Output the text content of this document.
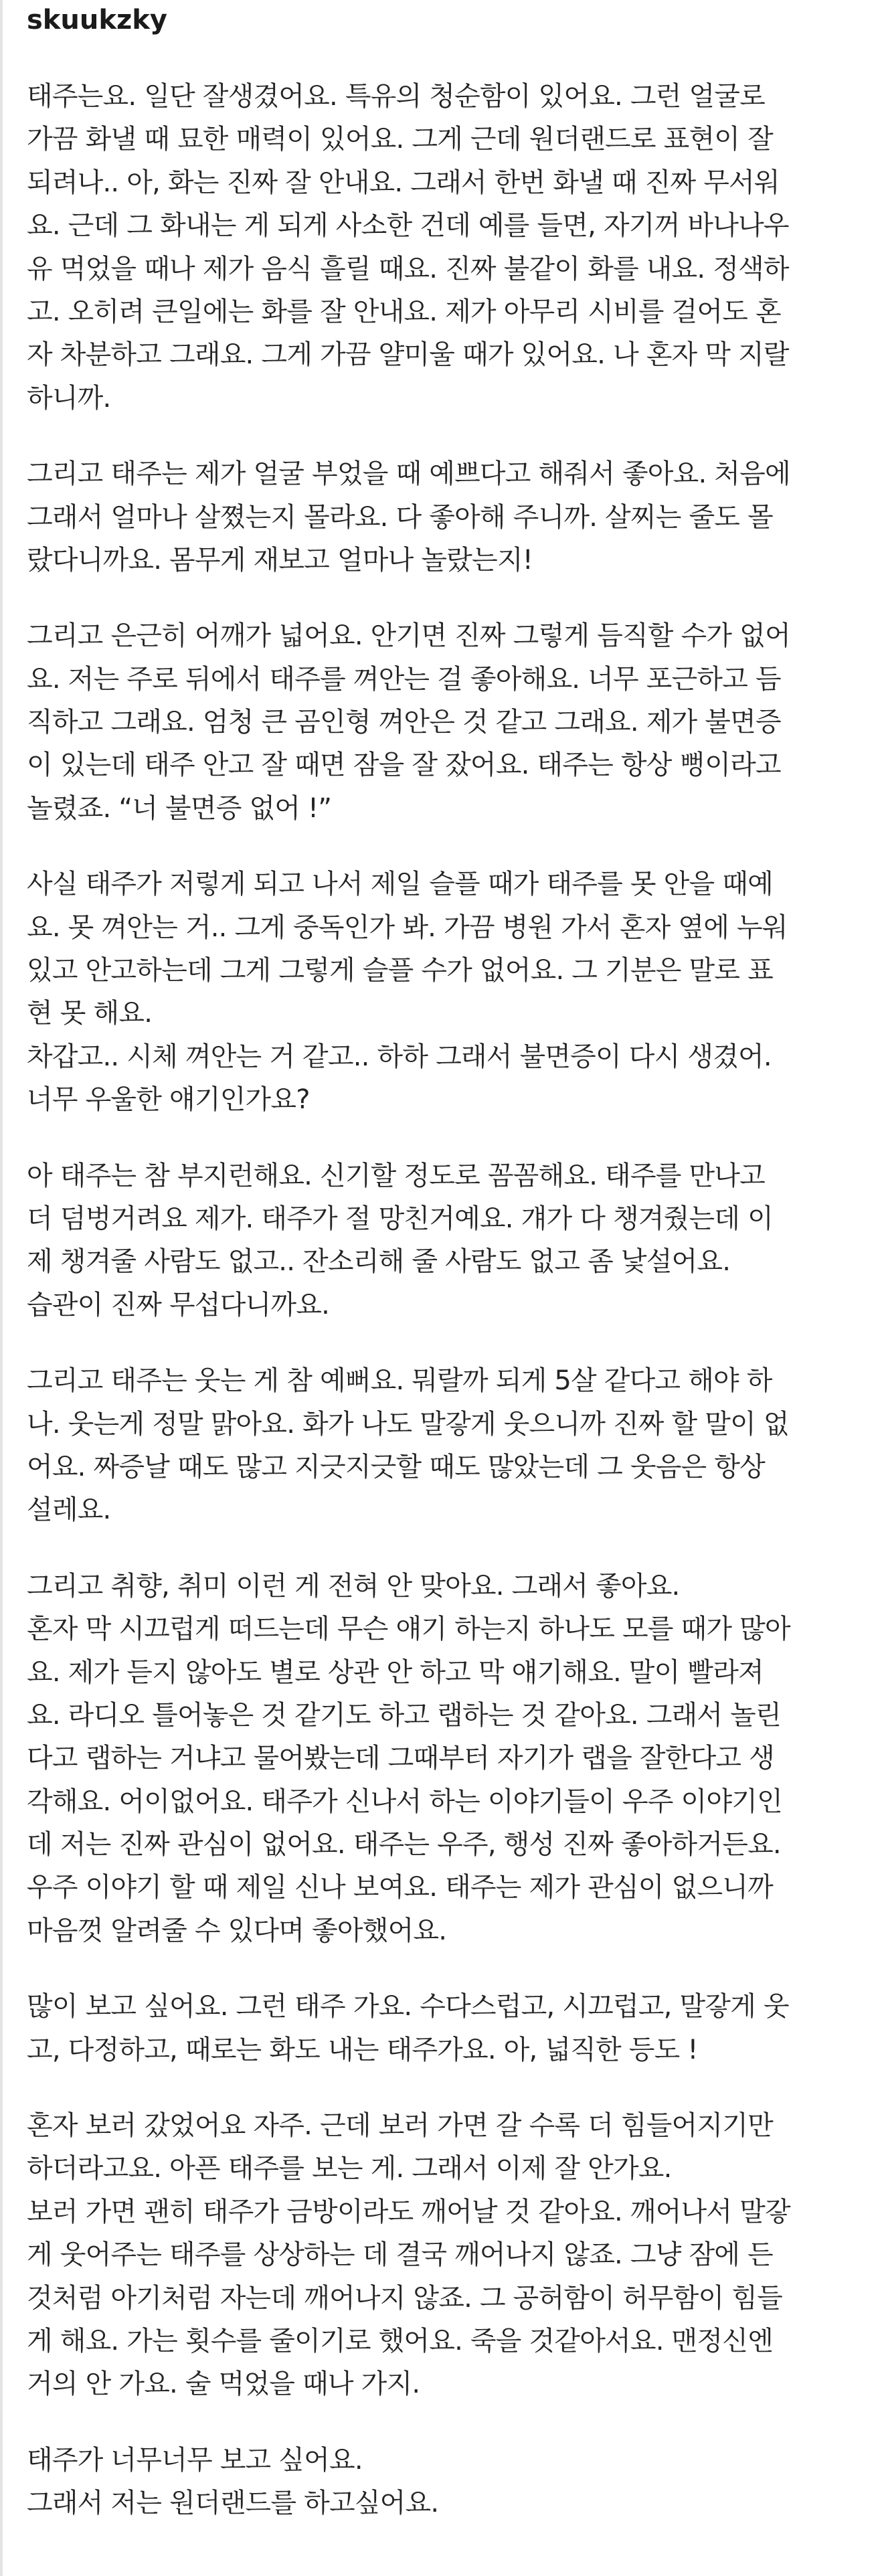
skuukzky

태주는요. 일단 잘생겼어요. 특유의 청순함이 있어요. 그런 얼굴로
가끔 화낼 때 묘한 매력이 있어요. 그게 근데 원더랜드로 표현이 잘
되려나.. 아, 화는 진짜 잘 안내요. 그래서 한번 화낼 때 진짜 무서워
요. 근데 그 화내는 게 되게 사소한 건데 예를 들면, 자기꺼 바나나우
유 먹었을 때나 제가 음식 흘릴 때요. 진짜 불같이 화를 내요. 정색하
고. 오히려 큰일에는 화를 잘 안내요. 제가 아무리 시비를 걸어도 혼
자 차분하고 그래요. 그게 가끔 얄미울 때가 있어요. 나 혼자 막 지랄
하니까.

그리고 태주는 제가 얼굴 부었을 때 예쁘다고 해줘서 좋아요. 처음에
그래서 얼마나 살쪘는지 몰라요. 다 좋아해 주니까. 살찌는 줄도 몰
랐다니까요. 몸무게 재보고 얼마나 놀랐는지!

그리고 은근히 어깨가 넓어요. 안기면 진짜 그렇게 듬직할 수가 없어
요. 저는 주로 뒤에서 태주를 껴안는 걸 좋아해요. 너무 포근하고 듬
직하고 그래요. 엄청 큰 곰인형 껴안은 것 같고 그래요. 제가 불면증
이 있는데 태주 안고 잘 때면 잠을 잘 잤어요. 태주는 항상 뻥이라고
놀렸죠. “너 불면증 없어 !”

사실 태주가 저렇게 되고 나서 제일 슬플 때가 태주를 못 안을 때예
요. 못 껴안는 거.. 그게 중독인가 봐. 가끔 병원 가서 혼자 옆에 누워
있고 안고하는데 그게 그렇게 슬플 수가 없어요. 그 기분은 말로 표
현 못 해요.
차갑고.. 시체 껴안는 거 같고.. 하하 그래서 불면증이 다시 생겼어.
너무 우울한 얘기인가요?

아 태주는 참 부지런해요. 신기할 정도로 꼼꼼해요. 태주를 만나고
더 덤벙거려요 제가. 태주가 절 망친거예요. 걔가 다 챙겨줬는데 이
제 챙겨줄 사람도 없고.. 잔소리해 줄 사람도 없고 좀 낯설어요.
습관이 진짜 무섭다니까요.

그리고 태주는 웃는 게 참 예뻐요. 뭐랄까 되게 5살 같다고 해야 하
나. 웃는게 정말 맑아요. 화가 나도 말갛게 웃으니까 진짜 할 말이 없
어요. 짜증날 때도 많고 지긋지긋할 때도 많았는데 그 웃음은 항상
설레요.

그리고 취향, 취미 이런 게 전혀 안 맞아요. 그래서 좋아요.
혼자 막 시끄럽게 떠드는데 무슨 얘기 하는지 하나도 모를 때가 많아
요. 제가 듣지 않아도 별로 상관 안 하고 막 얘기해요. 말이 빨라져
요. 라디오 틀어놓은 것 같기도 하고 랩하는 것 같아요. 그래서 놀린
다고 랩하는 거냐고 물어봤는데 그때부터 자기가 랩을 잘한다고 생
각해요. 어이없어요. 태주가 신나서 하는 이야기들이 우주 이야기인
데 저는 진짜 관심이 없어요. 태주는 우주, 행성 진짜 좋아하거든요.
우주 이야기 할 때 제일 신나 보여요. 태주는 제가 관심이 없으니까
마음껏 알려줄 수 있다며 좋아했어요.

많이 보고 싶어요. 그런 태주 가요. 수다스럽고, 시끄럽고, 말갛게 웃
고, 다정하고, 때로는 화도 내는 태주가요. 아, 넓직한 등도 !

혼자 보러 갔었어요 자주. 근데 보러 가면 갈 수록 더 힘들어지기만
하더라고요. 아픈 태주를 보는 게. 그래서 이제 잘 안가요.
보러 가면 괜히 태주가 금방이라도 깨어날 것 같아요. 깨어나서 말갛
게 웃어주는 태주를 상상하는 데 결국 깨어나지 않죠. 그냥 잠에 든
것처럼 아기처럼 자는데 깨어나지 않죠. 그 공허함이 허무함이 힘들
게 해요. 가는 횟수를 줄이기로 했어요. 죽을 것같아서요. 맨정신엔
거의 안 가요. 술 먹었을 때나 가지.

태주가 너무너무 보고 싶어요.
그래서 저는 원더랜드를 하고싶어요.
